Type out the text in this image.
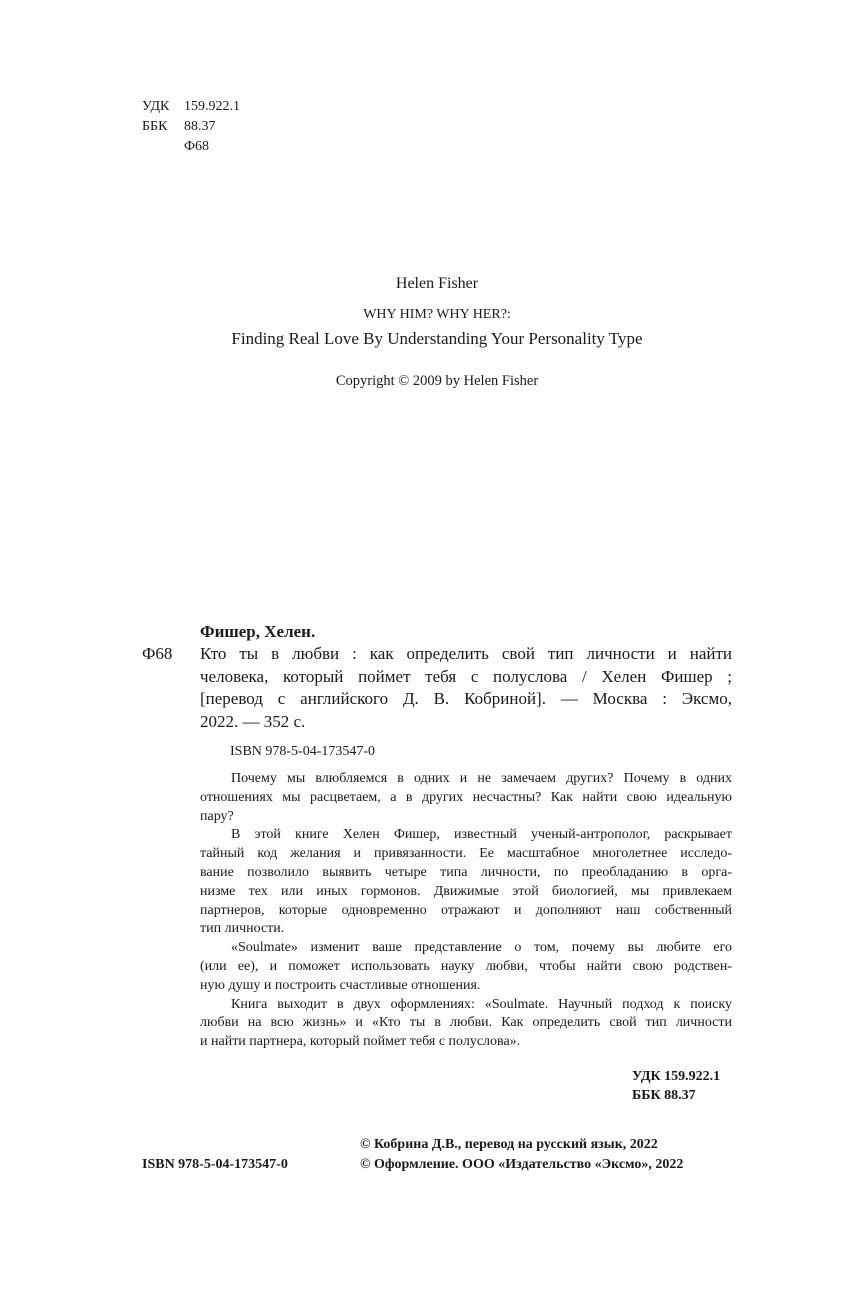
УДК 159.922.1
ББК 88.37
Ф68
Helen Fisher
WHY HIM? WHY HER?:
Finding Real Love By Understanding Your Personality Type
Copyright © 2009 by Helen Fisher
Фишер, Хелен.
Ф68 Кто ты в любви : как определить свой тип личности и найти
человека, который поймет тебя с полуслова / Хелен Фишер ;
[перевод с английского Д. В. Кобриной]. — Москва : Эксмо,
2022. — 352 с.
ISBN 978-5-04-173547-0
Почему мы влюбляемся в одних и не замечаем других? Почему в одних
отношениях мы расцветаем, а в других несчастны? Как найти свою идеальную
пару?
В этой книге Хелен Фишер, известный ученый-антрополог, раскрывает
тайный код желания и привязанности. Ее масштабное многолетнее исследо-
вание позволило выявить четыре типа личности, по преобладанию в орга-
низме тех или иных гормонов. Движимые этой биологией, мы привлекаем
партнеров, которые одновременно отражают и дополняют наш собственный
тип личности.
«Soulmate» изменит ваше представление о том, почему вы любите его
(или ее), и поможет использовать науку любви, чтобы найти свою родствен-
ную душу и построить счастливые отношения.
Книга выходит в двух оформлениях: «Soulmate. Научный подход к поиску
любви на всю жизнь» и «Кто ты в любви. Как определить свой тип личности
и найти партнера, который поймет тебя с полуслова».
УДК 159.922.1
ББК 88.37
© Кобрина Д.В., перевод на русский язык, 2022
ISBN 978-5-04-173547-0	© Оформление. ООО «Издательство «Эксмо», 2022
